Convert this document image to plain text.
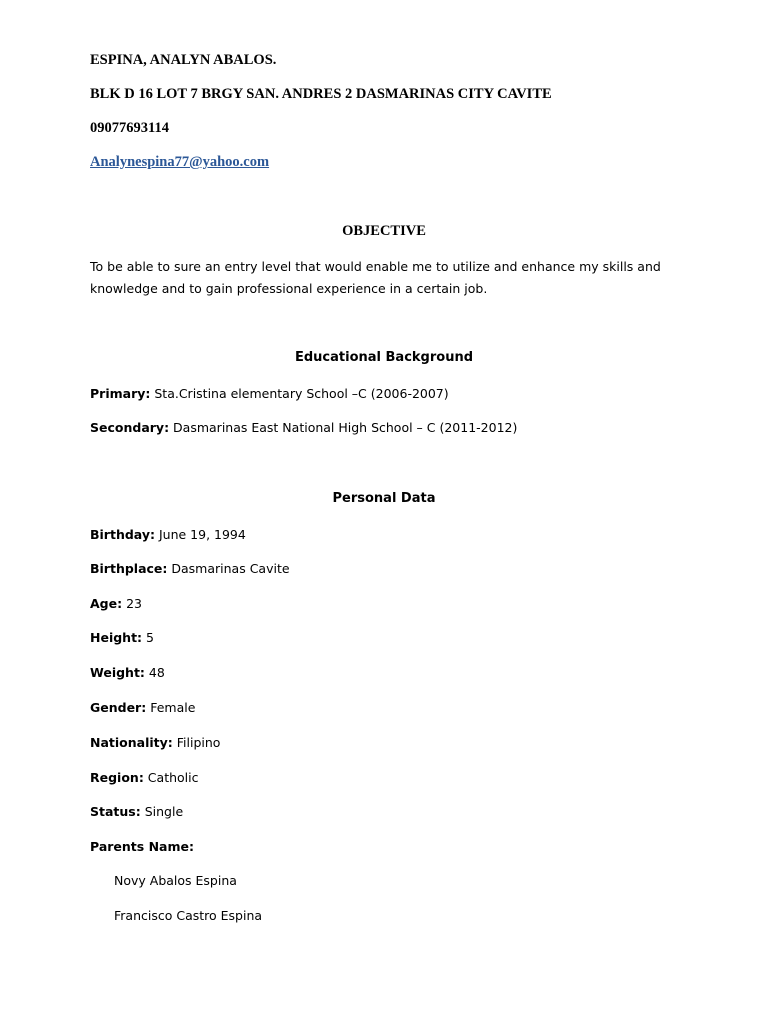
ESPINA, ANALYN ABALOS.
BLK D 16 LOT 7 BRGY SAN. ANDRES 2 DASMARINAS CITY CAVITE
09077693114
Analynespina77@yahoo.com
OBJECTIVE
To be able to sure an entry level that would enable me to utilize and enhance my skills and knowledge and to gain professional experience in a certain job.
Educational Background
Primary: Sta.Cristina elementary School –C (2006-2007)
Secondary: Dasmarinas East National High School – C (2011-2012)
Personal Data
Birthday: June 19, 1994
Birthplace: Dasmarinas Cavite
Age: 23
Height: 5
Weight: 48
Gender: Female
Nationality: Filipino
Region: Catholic
Status: Single
Parents Name:
Novy Abalos Espina
Francisco Castro Espina
